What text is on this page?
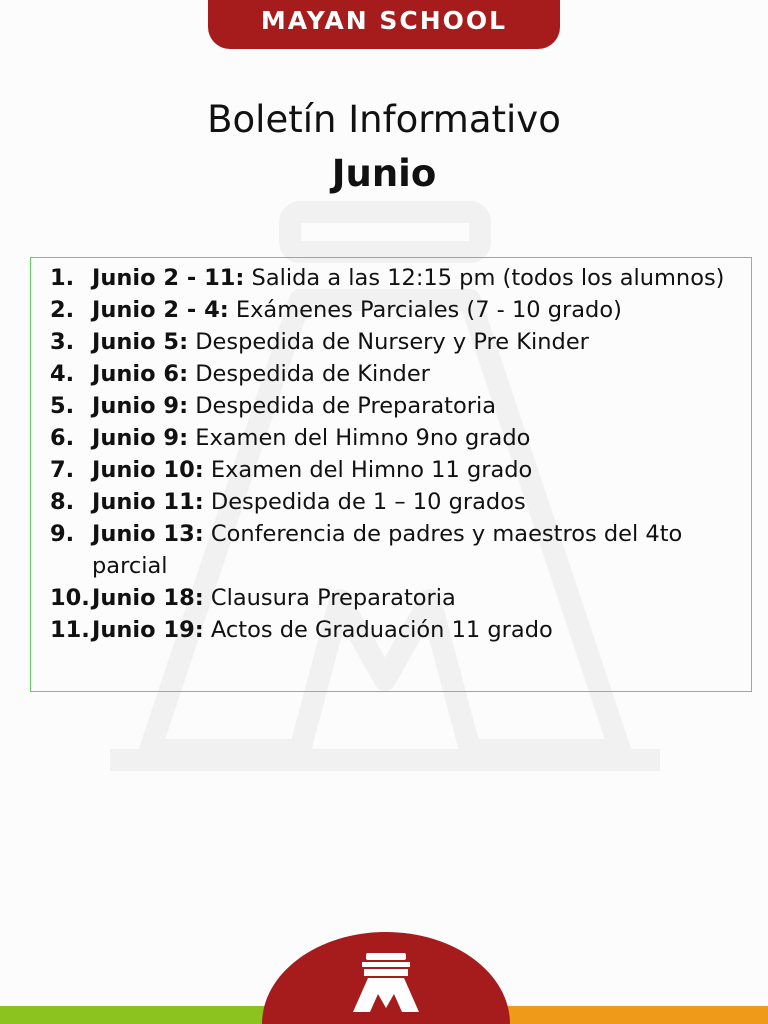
MAYAN SCHOOL
Boletín Informativo
Junio
1. Junio 2 - 11: Salida a las 12:15 pm (todos los alumnos)
2. Junio 2 - 4: Exámenes Parciales (7 - 10 grado)
3. Junio 5: Despedida de Nursery y Pre Kinder
4. Junio 6: Despedida de Kinder
5. Junio 9: Despedida de Preparatoria
6. Junio 9: Examen del Himno 9no grado
7. Junio 10: Examen del Himno 11 grado
8. Junio 11: Despedida de 1 – 10 grados
9. Junio 13: Conferencia de padres y maestros del 4to parcial
10. Junio 18: Clausura Preparatoria
11. Junio 19: Actos de Graduación 11 grado
